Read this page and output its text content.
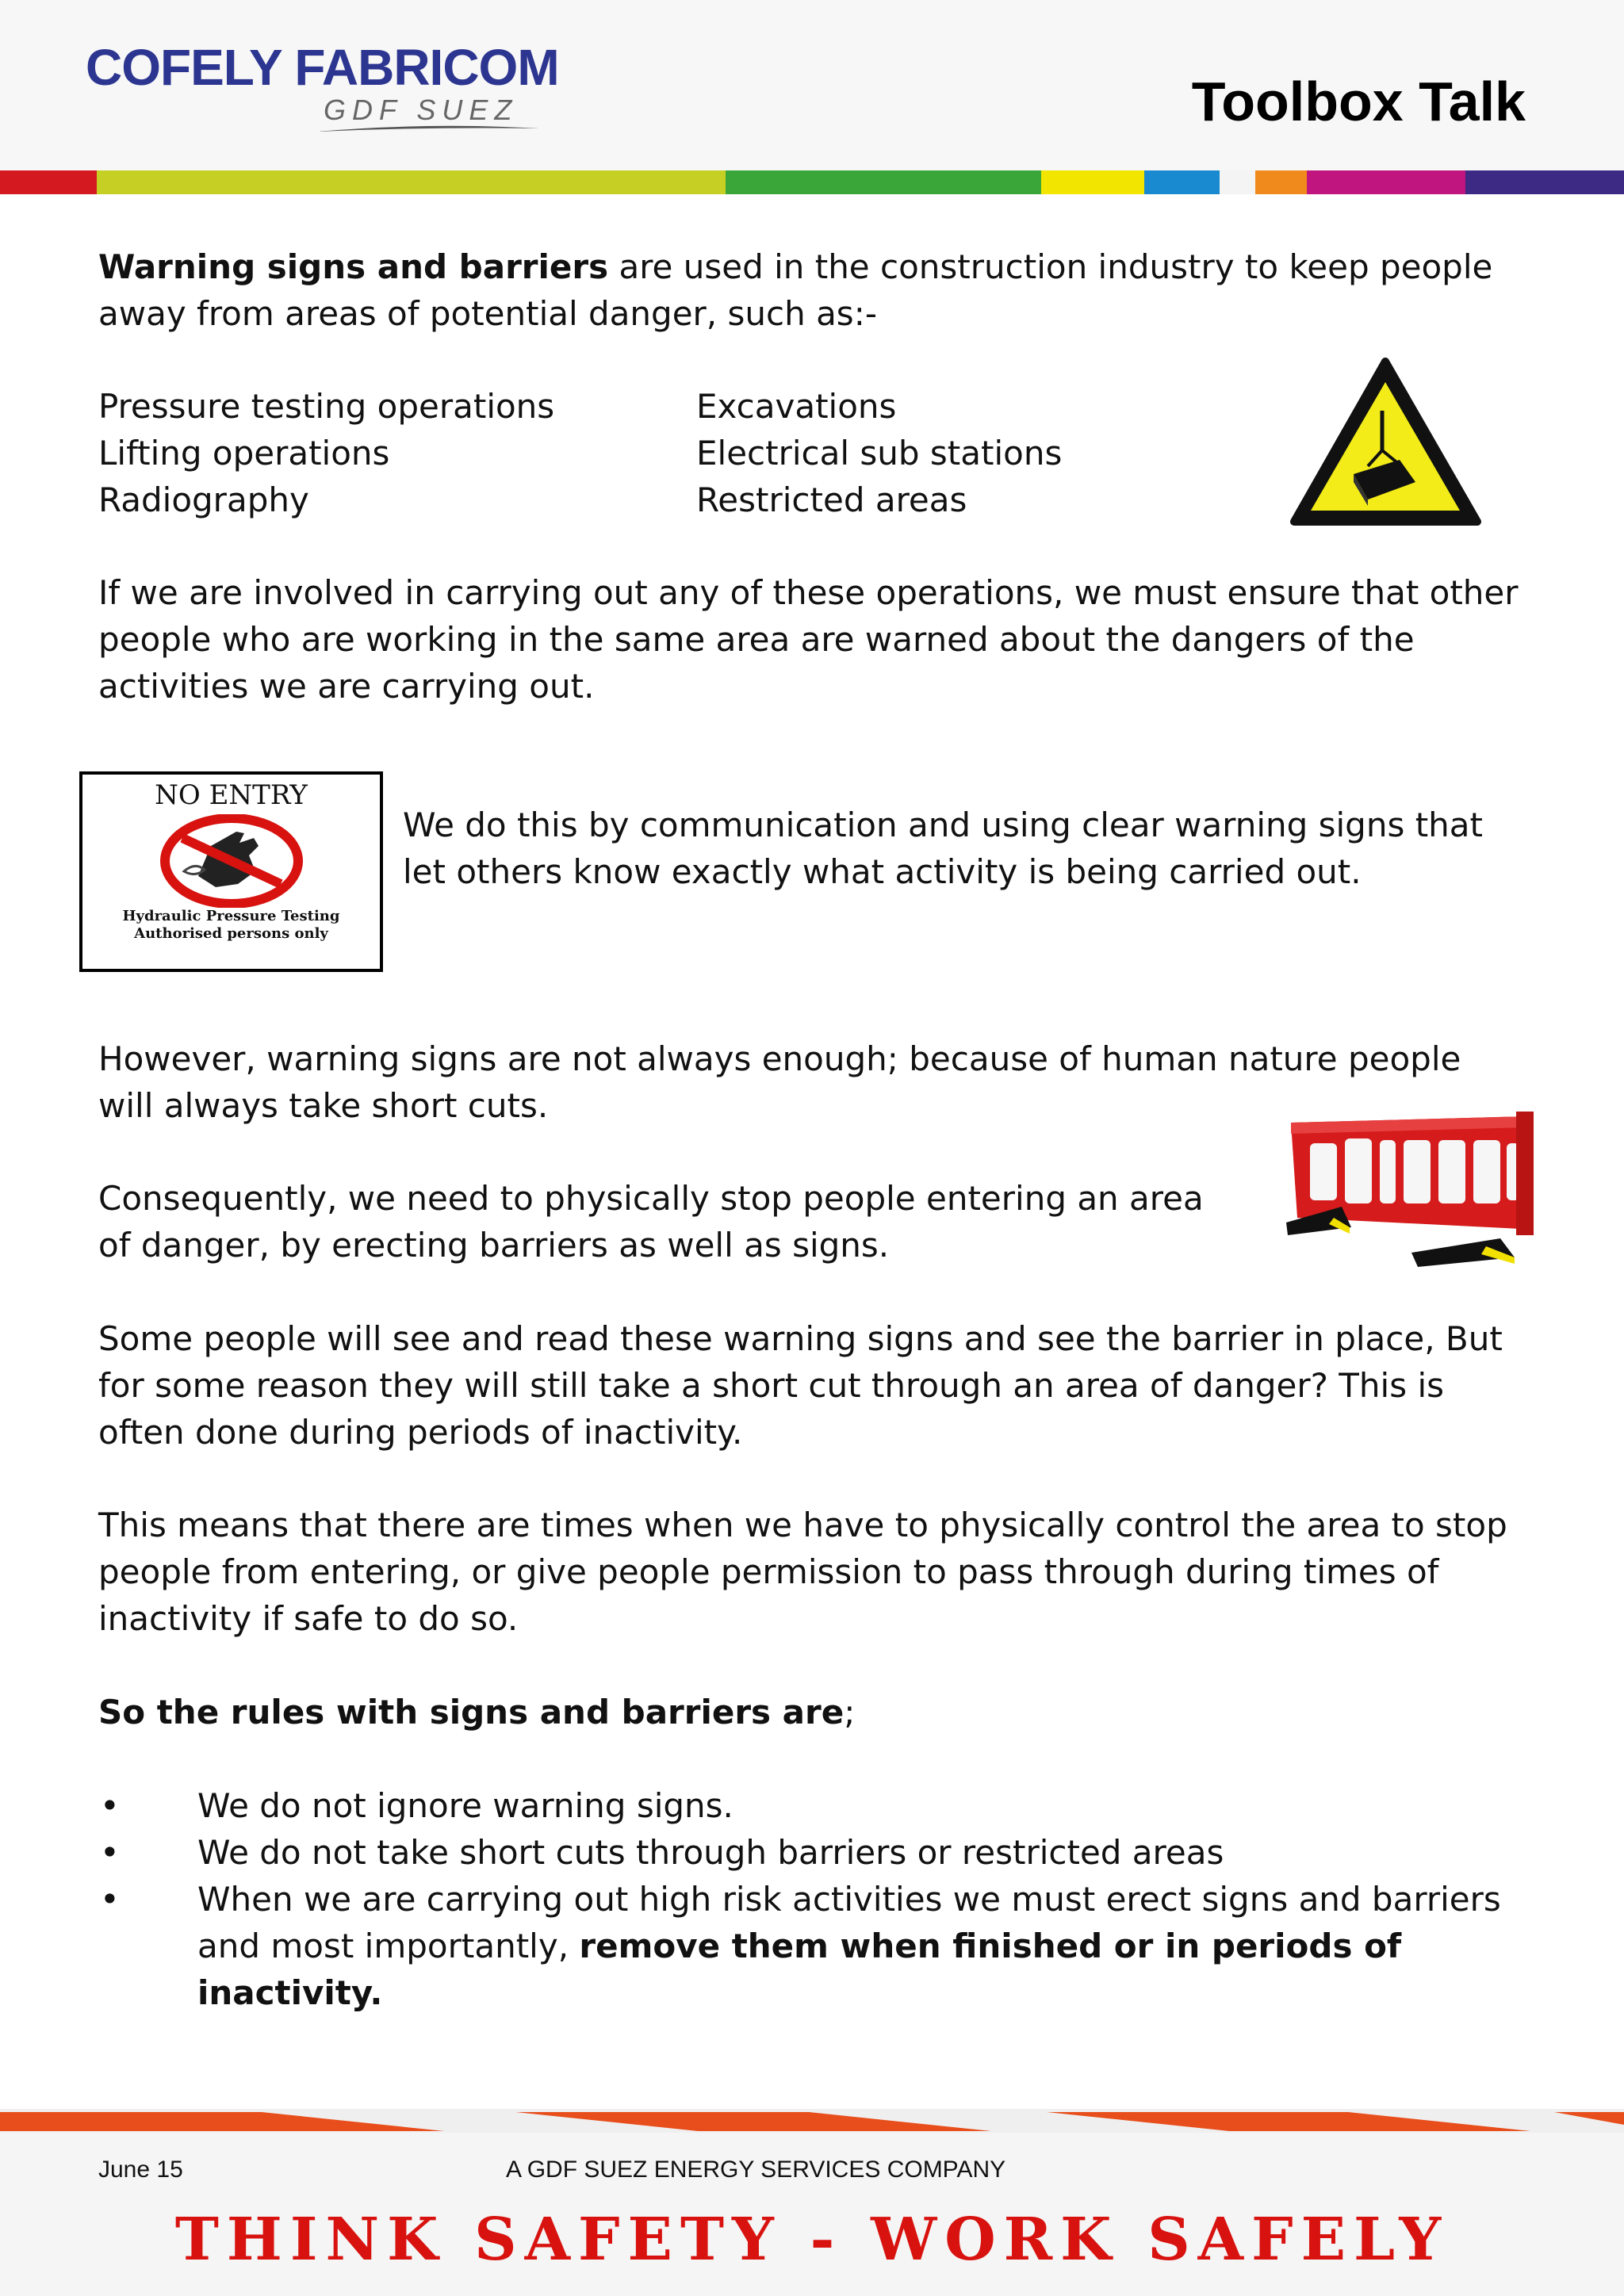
COFELY FABRICOM
GDF SUEZ	Toolbox Talk

Warning signs and barriers are used in the construction industry to keep people away from areas of potential danger, such as:-

Pressure testing operations
Lifting operations
Radiography
Excavations
Electrical sub stations
Restricted areas

If we are involved in carrying out any of these operations, we must ensure that other people who are working in the same area are warned about the dangers of the activities we are carrying out.

NO ENTRY
Hydraulic Pressure Testing
Authorised persons only

We do this by communication and using clear warning signs that let others know exactly what activity is being carried out.

However, warning signs are not always enough; because of human nature people will always take short cuts.

Consequently, we need to physically stop people entering an area of danger, by erecting barriers as well as signs.

Some people will see and read these warning signs and see the barrier in place, But for some reason they will still take a short cut through an area of danger? This is often done during periods of inactivity.

This means that there are times when we have to physically control the area to stop people from entering, or give people permission to pass through during times of inactivity if safe to do so.

So the rules with signs and barriers are;

• We do not ignore warning signs.
• We do not take short cuts through barriers or restricted areas
• When we are carrying out high risk activities we must erect signs and barriers and most importantly, remove them when finished or in periods of inactivity.
June 15	A GDF SUEZ ENERGY SERVICES COMPANY
THINK SAFETY - WORK SAFELY
